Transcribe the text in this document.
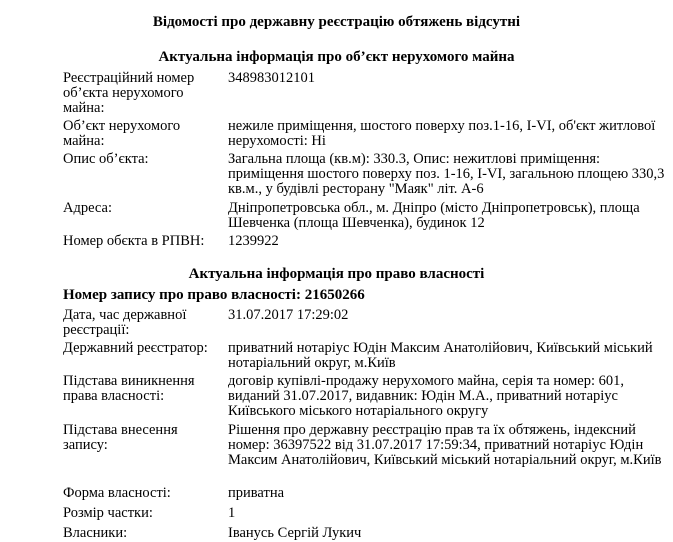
Відомості про державну реєстрацію обтяжень відсутні
Актуальна інформація про об’єкт нерухомого майна
Реєстраційний номер об’єкта нерухомого майна:
348983012101
Об’єкт нерухомого майна:
нежиле приміщення, шостого поверху поз.1-16, I-VI, об'єкт житлової нерухомості: Ні
Опис об’єкта:	Загальна площа (кв.м): 330.3, Опис: нежитлові приміщення: приміщення шостого поверху поз. 1-16, I-VI, загальною площею 330,3 кв.м., у будівлі ресторану "Маяк" літ. А-6
Адреса:	Дніпропетровська обл., м. Дніпро (місто Дніпропетровськ), площа Шевченка (площа Шевченка), будинок 12
Номер обєкта в РПВН:	1239922
Актуальна інформація про право власності
Номер запису про право власності: 21650266
Дата, час державної реєстрації:
31.07.2017 17:29:02
Державний реєстратор:	приватний нотаріус Юдін Максим Анатолійович, Київський міський нотаріальний округ, м.Київ
Підстава виникнення права власності:
договір купівлі-продажу нерухомого майна, серія та номер: 601, виданий 31.07.2017, видавник: Юдін М.А., приватний нотаріус Київського міського нотаріального округу
Підстава внесення запису:
Рішення про державну реєстрацію прав та їх обтяжень, індексний номер: 36397522 від 31.07.2017 17:59:34, приватний нотаріус Юдін Максим Анатолійович, Київський міський нотаріальний округ, м.Київ
Форма власності:	приватна
Розмір частки:	1
Власники:	Іванусь Сергій Лукич
